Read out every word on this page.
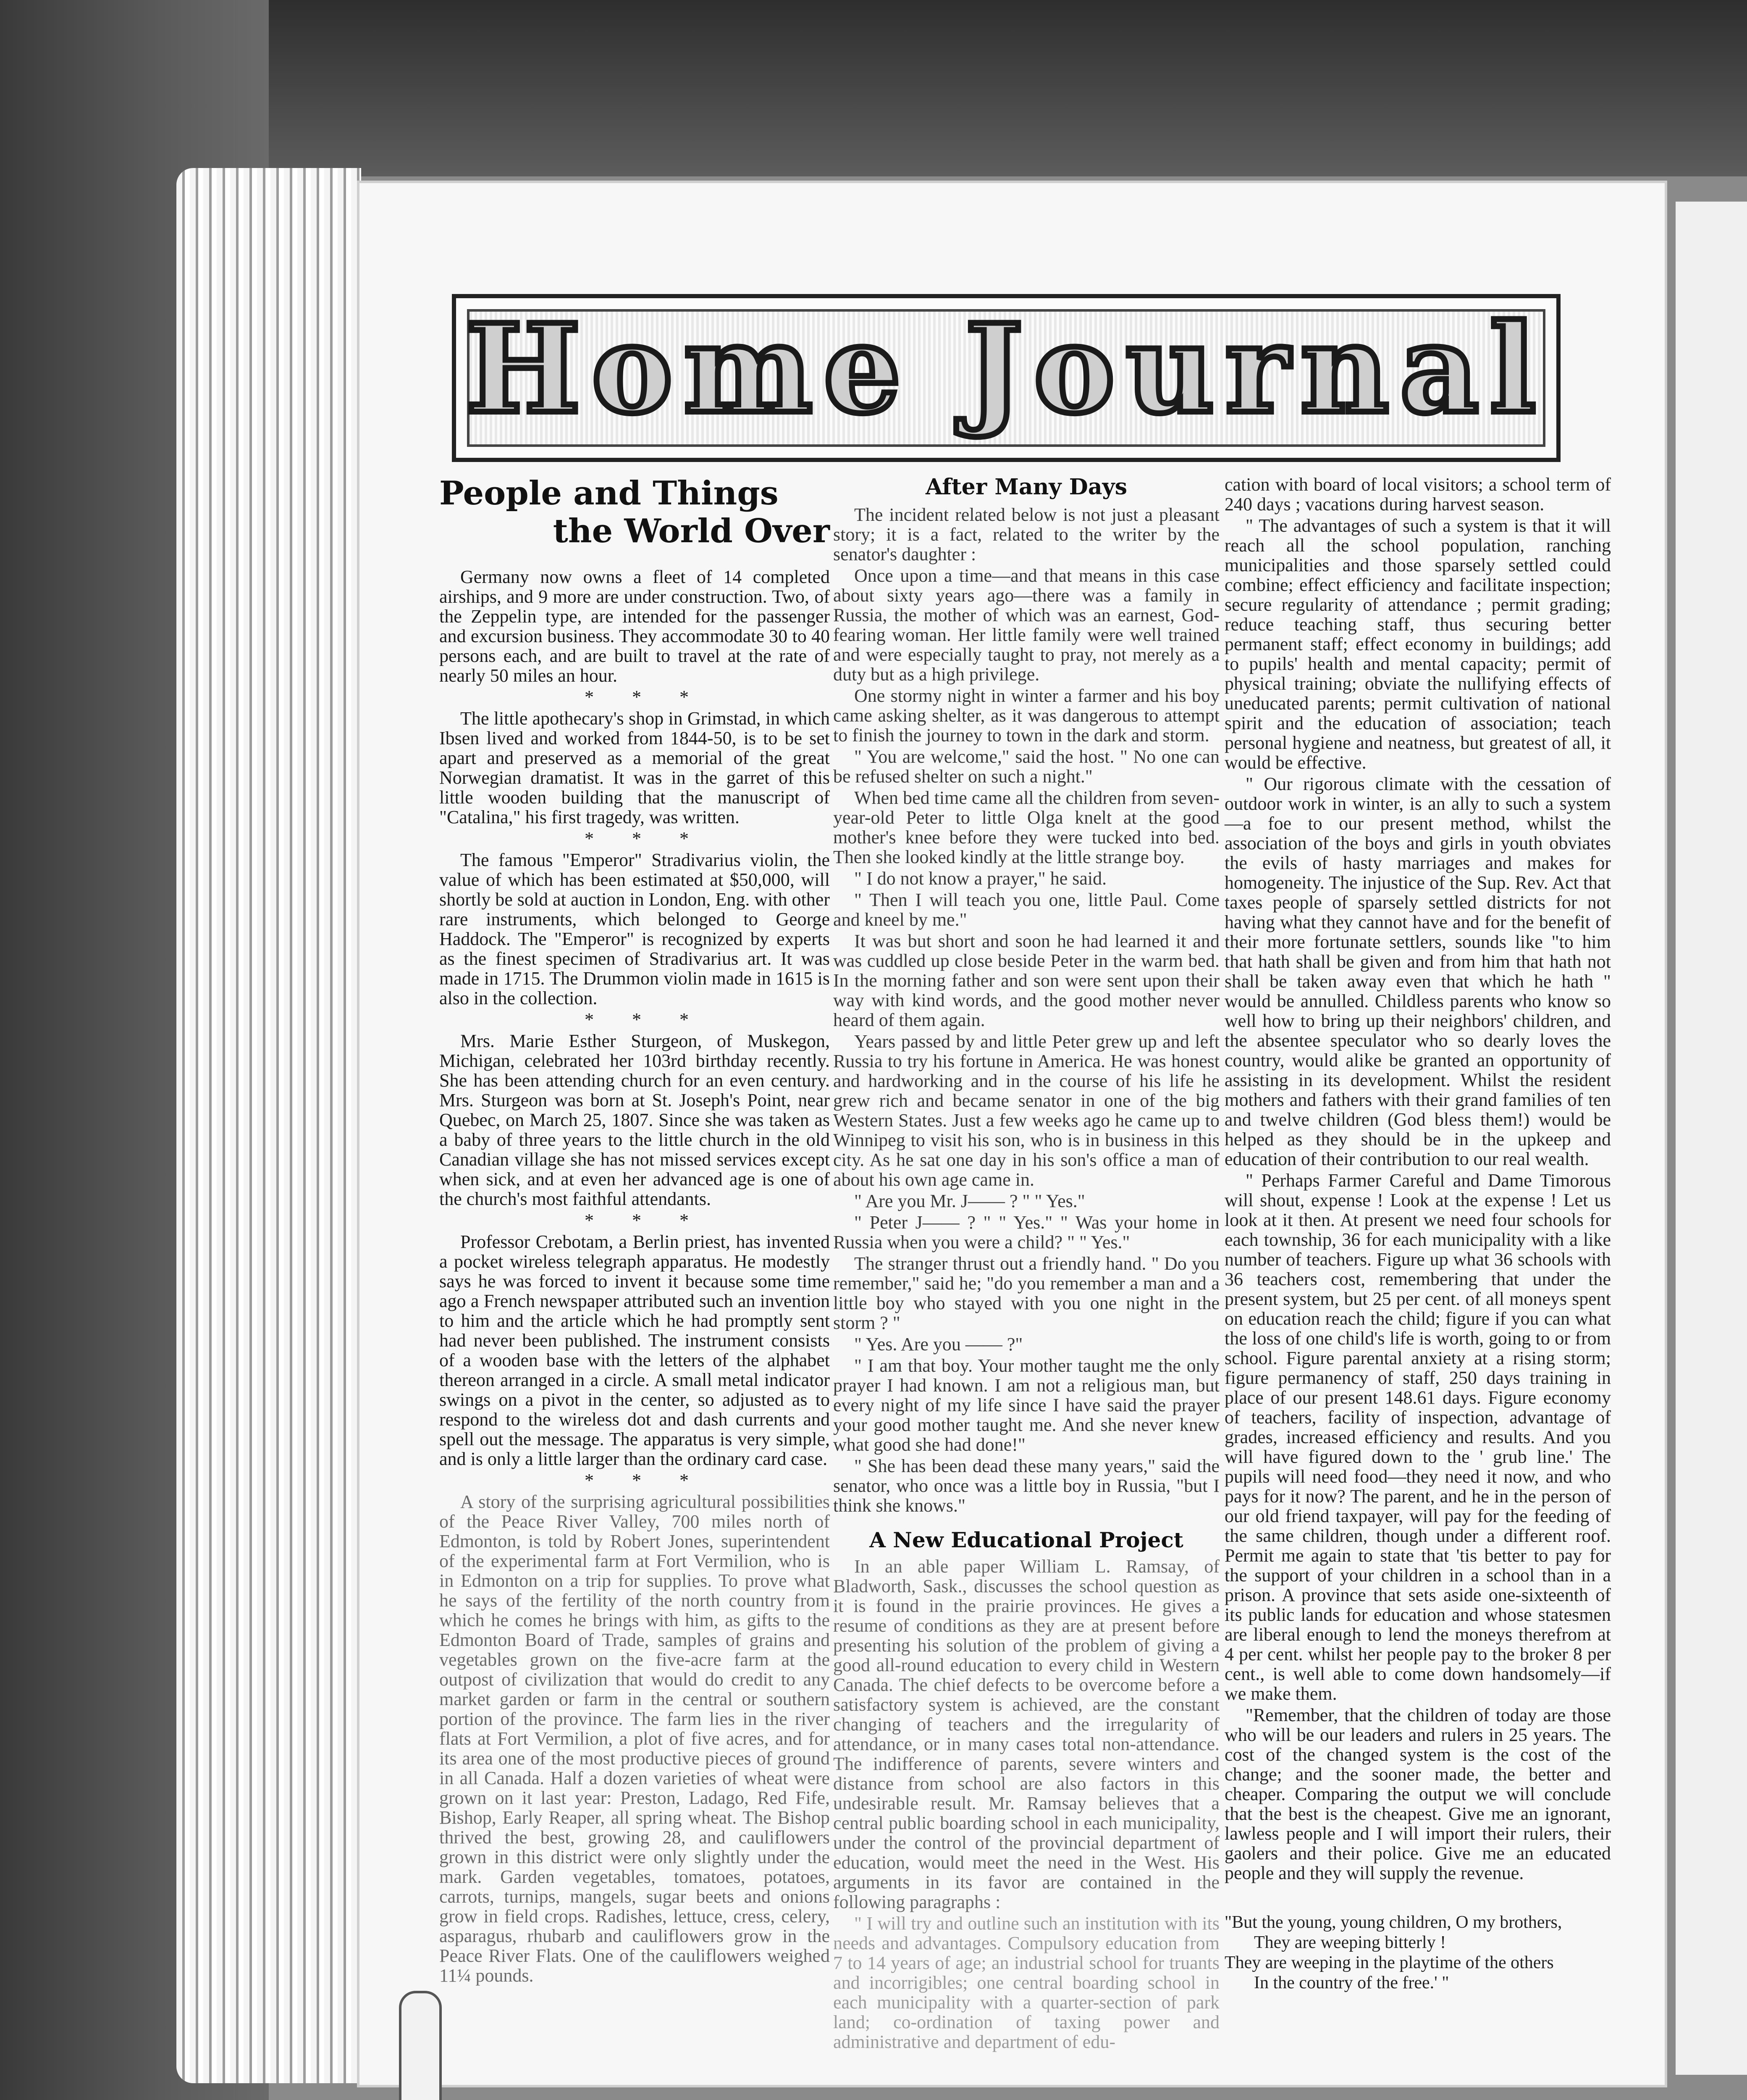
Home Journal
People and Things
the World Over

Germany now owns a fleet of 14 completed airships, and 9 more are under construction. Two, of the Zeppelin type, are intended for the passenger and excursion business. They accommodate 30 to 40 persons each, and are built to travel at the rate of nearly 50 miles an hour.

* * *

The little apothecary's shop in Grimstad, in which Ibsen lived and worked from 1844-50, is to be set apart and preserved as a memorial of the great Norwegian dramatist. It was in the garret of this little wooden building that the manuscript of "Catalina," his first tragedy, was written.

* * *

The famous "Emperor" Stradivarius violin, the value of which has been estimated at $50,000, will shortly be sold at auction in London, Eng. with other rare instruments, which belonged to George Haddock. The "Emperor" is recognized by experts as the finest specimen of Stradivarius art. It was made in 1715. The Drummon violin made in 1615 is also in the collection.

* * *

Mrs. Marie Esther Sturgeon, of Muskegon, Michigan, celebrated her 103rd birthday recently. She has been attending church for an even century. Mrs. Sturgeon was born at St. Joseph's Point, near Quebec, on March 25, 1807. Since she was taken as a baby of three years to the little church in the old Canadian village she has not missed services except when sick, and at even her advanced age is one of the church's most faithful attendants.

* * *

Professor Crebotam, a Berlin priest, has invented a pocket wireless telegraph apparatus. He modestly says he was forced to invent it because some time ago a French newspaper attributed such an invention to him and the article which he had promptly sent had never been published. The instrument consists of a wooden base with the letters of the alphabet thereon arranged in a circle. A small metal indicator swings on a pivot in the center, so adjusted as to respond to the wireless dot and dash currents and spell out the message. The apparatus is very simple, and is only a little larger than the ordinary card case.

* * *

A story of the surprising agricultural possibilities of the Peace River Valley, 700 miles north of Edmonton, is told by Robert Jones, superintendent of the experimental farm at Fort Vermilion, who is in Edmonton on a trip for supplies. To prove what he says of the fertility of the north country from which he comes he brings with him, as gifts to the Edmonton Board of Trade, samples of grains and vegetables grown on the five-acre farm at the outpost of civilization that would do credit to any market garden or farm in the central or southern portion of the province. The farm lies in the river flats at Fort Vermilion, a plot of five acres, and for its area one of the most productive pieces of ground in all Canada. Half a dozen varieties of wheat were grown on it last year: Preston, Ladago, Red Fife, Bishop, Early Reaper, all spring wheat. The Bishop thrived the best, growing 28, and cauliflowers grown in this district were only slightly under the mark. Garden vegetables, tomatoes, potatoes, carrots, turnips, mangels, sugar beets and onions grow in field crops. Radishes, lettuce, cress, celery, asparagus, rhubarb and cauliflowers grow in the Peace River Flats. One of the cauliflowers weighed 11¼ pounds.

After Many Days

The incident related below is not just a pleasant story; it is a fact, related to the writer by the senator's daughter :

Once upon a time—and that means in this case about sixty years ago—there was a family in Russia, the mother of which was an earnest, God-fearing woman. Her little family were well trained and were especially taught to pray, not merely as a duty but as a high privilege.

One stormy night in winter a farmer and his boy came asking shelter, as it was dangerous to attempt to finish the journey to town in the dark and storm.

" You are welcome," said the host. " No one can be refused shelter on such a night."

When bed time came all the children from seven-year-old Peter to little Olga knelt at the good mother's knee before they were tucked into bed. Then she looked kindly at the little strange boy.

" I do not know a prayer," he said.

" Then I will teach you one, little Paul. Come and kneel by me."

It was but short and soon he had learned it and was cuddled up close beside Peter in the warm bed. In the morning father and son were sent upon their way with kind words, and the good mother never heard of them again.

Years passed by and little Peter grew up and left Russia to try his fortune in America. He was honest and hardworking and in the course of his life he grew rich and became senator in one of the big Western States. Just a few weeks ago he came up to Winnipeg to visit his son, who is in business in this city. As he sat one day in his son's office a man of about his own age came in.

" Are you Mr. J—— ? " " Yes."

" Peter J—— ? " " Yes." " Was your home in Russia when you were a child? " " Yes."

The stranger thrust out a friendly hand. " Do you remember," said he; "do you remember a man and a little boy who stayed with you one night in the storm ? "

" Yes. Are you —— ?"

" I am that boy. Your mother taught me the only prayer I had known. I am not a religious man, but every night of my life since I have said the prayer your good mother taught me. And she never knew what good she had done!"

" She has been dead these many years," said the senator, who once was a little boy in Russia, "but I think she knows."

A New Educational Project

In an able paper William L. Ramsay, of Bladworth, Sask., discusses the school question as it is found in the prairie provinces. He gives a resume of conditions as they are at present before presenting his solution of the problem of giving a good all-round education to every child in Western Canada. The chief defects to be overcome before a satisfactory system is achieved, are the constant changing of teachers and the irregularity of attendance, or in many cases total non-attendance. The indifference of parents, severe winters and distance from school are also factors in this undesirable result. Mr. Ramsay believes that a central public boarding school in each municipality, under the control of the provincial department of education, would meet the need in the West. His arguments in its favor are contained in the following paragraphs :

" I will try and outline such an institution with its needs and advantages. Compulsory education from 7 to 14 years of age; an industrial school for truants and incorrigibles; one central boarding school in each municipality with a quarter-section of park land; co-ordination of taxing power and administrative and department of edu-

cation with board of local visitors; a school term of 240 days ; vacations during harvest season.

" The advantages of such a system is that it will reach all the school population, ranching municipalities and those sparsely settled could combine; effect efficiency and facilitate inspection; secure regularity of attendance ; permit grading; reduce teaching staff, thus securing better permanent staff; effect economy in buildings; add to pupils' health and mental capacity; permit of physical training; obviate the nullifying effects of uneducated parents; permit cultivation of national spirit and the education of association; teach personal hygiene and neatness, but greatest of all, it would be effective.

" Our rigorous climate with the cessation of outdoor work in winter, is an ally to such a system —a foe to our present method, whilst the association of the boys and girls in youth obviates the evils of hasty marriages and makes for homogeneity. The injustice of the Sup. Rev. Act that taxes people of sparsely settled districts for not having what they cannot have and for the benefit of their more fortunate settlers, sounds like "to him that hath shall be given and from him that hath not shall be taken away even that which he hath " would be annulled. Childless parents who know so well how to bring up their neighbors' children, and the absentee speculator who so dearly loves the country, would alike be granted an opportunity of assisting in its development. Whilst the resident mothers and fathers with their grand families of ten and twelve children (God bless them!) would be helped as they should be in the upkeep and education of their contribution to our real wealth.

" Perhaps Farmer Careful and Dame Timorous will shout, expense ! Look at the expense ! Let us look at it then. At present we need four schools for each township, 36 for each municipality with a like number of teachers. Figure up what 36 schools with 36 teachers cost, remembering that under the present system, but 25 per cent. of all moneys spent on education reach the child; figure if you can what the loss of one child's life is worth, going to or from school. Figure parental anxiety at a rising storm; figure permanency of staff, 250 days training in place of our present 148.61 days. Figure economy of teachers, facility of inspection, advantage of grades, increased efficiency and results. And you will have figured down to the ' grub line.' The pupils will need food—they need it now, and who pays for it now? The parent, and he in the person of our old friend taxpayer, will pay for the feeding of the same children, though under a different roof. Permit me again to state that 'tis better to pay for the support of your children in a school than in a prison. A province that sets aside one-sixteenth of its public lands for education and whose statesmen are liberal enough to lend the moneys therefrom at 4 per cent. whilst her people pay to the broker 8 per cent., is well able to come down handsomely—if we make them.

"Remember, that the children of today are those who will be our leaders and rulers in 25 years. The cost of the changed system is the cost of the change; and the sooner made, the better and cheaper. Comparing the output we will conclude that the best is the cheapest. Give me an ignorant, lawless people and I will import their rulers, their gaolers and their police. Give me an educated people and they will supply the revenue.

"But the young, young children, O my brothers,
They are weeping bitterly !
They are weeping in the playtime of the others
In the country of the free.' "
